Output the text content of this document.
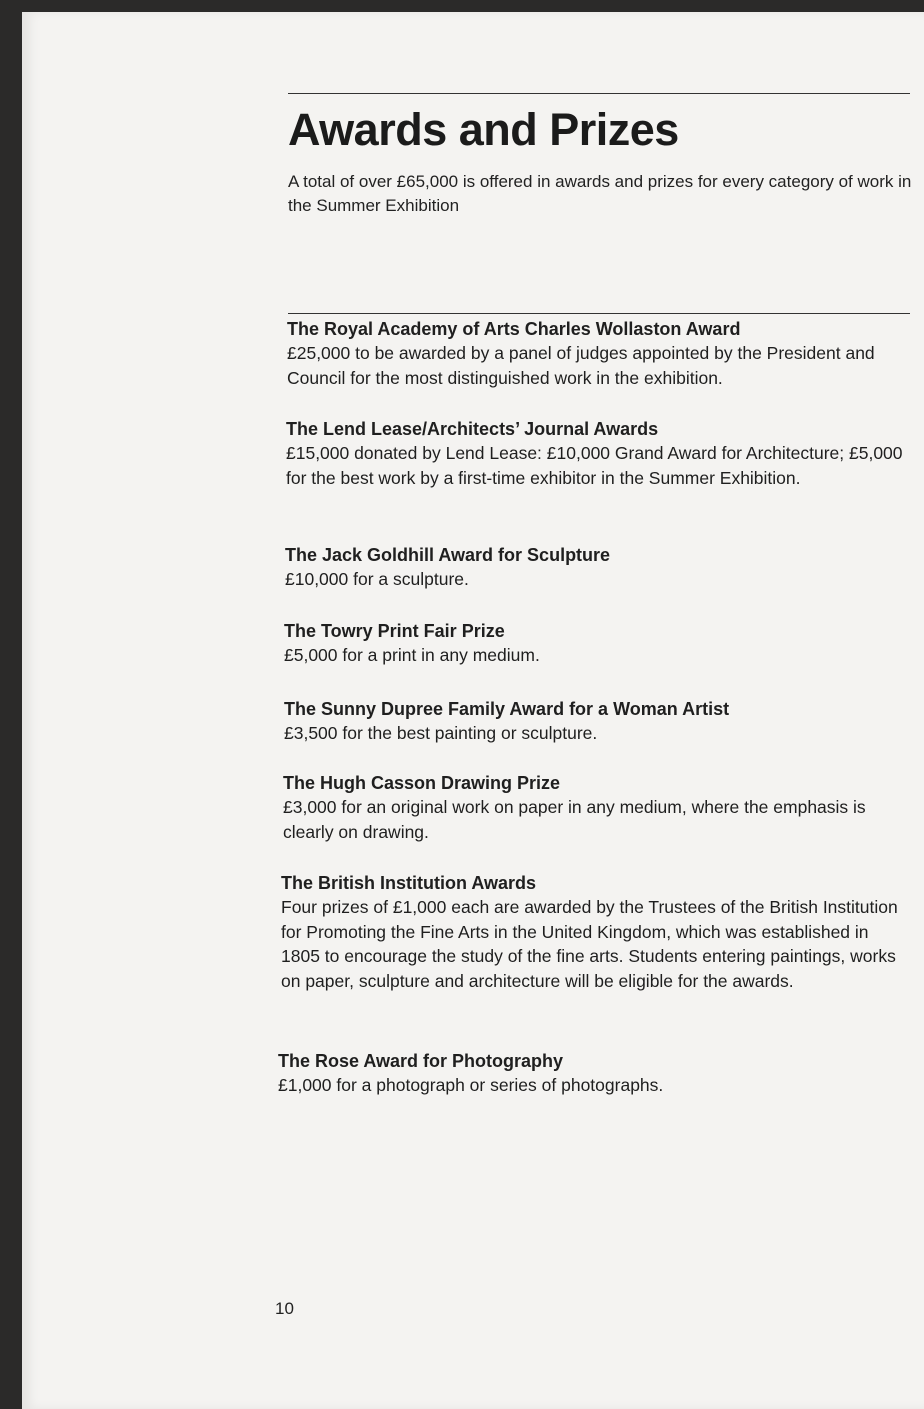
Awards and Prizes
A total of over £65,000 is offered in awards and prizes for every category of work in the Summer Exhibition
The Royal Academy of Arts Charles Wollaston Award
£25,000 to be awarded by a panel of judges appointed by the President and Council for the most distinguished work in the exhibition.
The Lend Lease/Architects’ Journal Awards
£15,000 donated by Lend Lease: £10,000 Grand Award for Architecture; £5,000 for the best work by a first-time exhibitor in the Summer Exhibition.
The Jack Goldhill Award for Sculpture
£10,000 for a sculpture.
The Towry Print Fair Prize
£5,000 for a print in any medium.
The Sunny Dupree Family Award for a Woman Artist
£3,500 for the best painting or sculpture.
The Hugh Casson Drawing Prize
£3,000 for an original work on paper in any medium, where the emphasis is clearly on drawing.
The British Institution Awards
Four prizes of £1,000 each are awarded by the Trustees of the British Institution for Promoting the Fine Arts in the United Kingdom, which was established in 1805 to encourage the study of the fine arts. Students entering paintings, works on paper, sculpture and architecture will be eligible for the awards.
The Rose Award for Photography
£1,000 for a photograph or series of photographs.
10
